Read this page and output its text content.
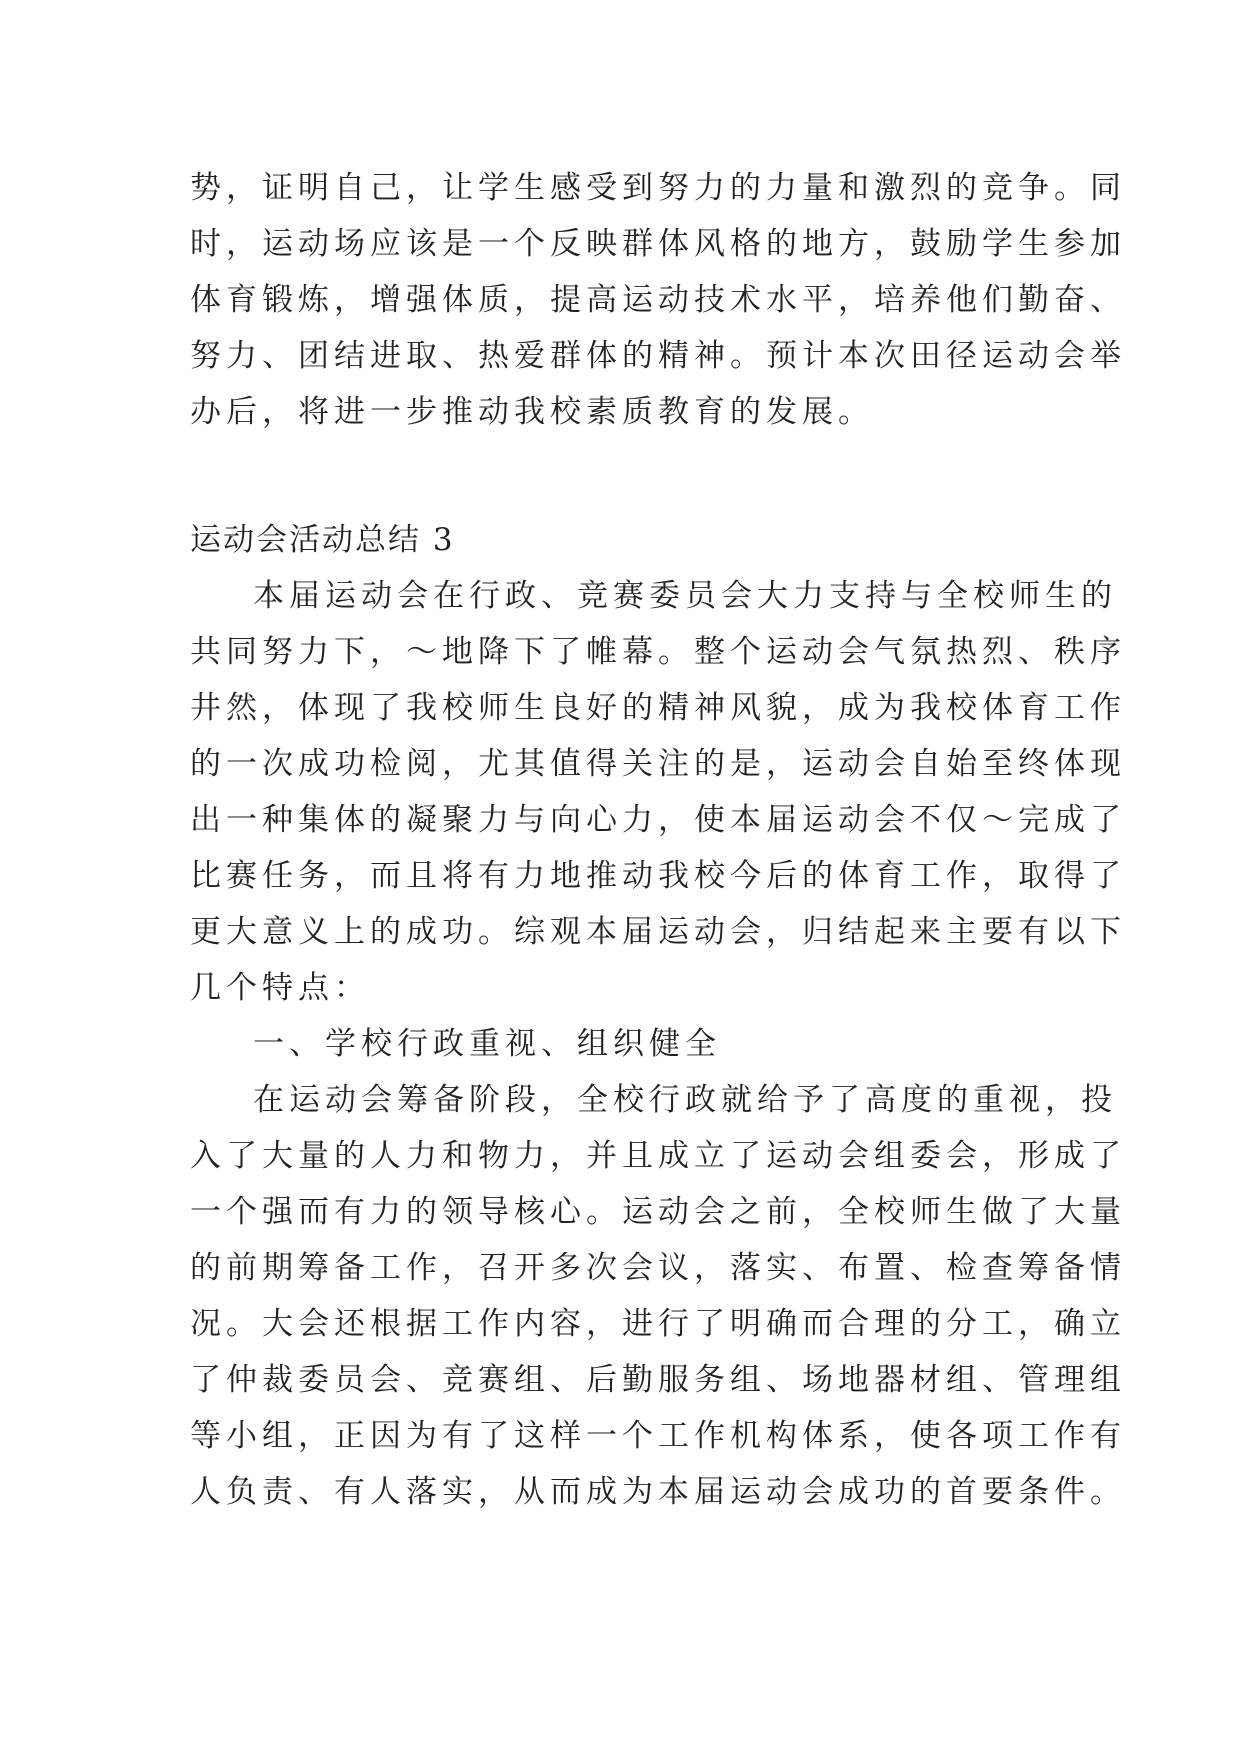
势，证明自己，让学生感受到努力的力量和激烈的竞争。同

时，运动场应该是一个反映群体风格的地方，鼓励学生参加

体育锻炼，增强体质，提高运动技术水平，培养他们勤奋、

努力、团结进取、热爱群体的精神。预计本次田径运动会举

办后，将进一步推动我校素质教育的发展。

运动会活动总结 3

本届运动会在行政、竞赛委员会大力支持与全校师生的

共同努力下，～地降下了帷幕。整个运动会气氛热烈、秩序

井然，体现了我校师生良好的精神风貌，成为我校体育工作

的一次成功检阅，尤其值得关注的是，运动会自始至终体现

出一种集体的凝聚力与向心力，使本届运动会不仅～完成了

比赛任务，而且将有力地推动我校今后的体育工作，取得了

更大意义上的成功。综观本届运动会，归结起来主要有以下

几个特点：

一、学校行政重视、组织健全

在运动会筹备阶段，全校行政就给予了高度的重视，投

入了大量的人力和物力，并且成立了运动会组委会，形成了

一个强而有力的领导核心。运动会之前，全校师生做了大量

的前期筹备工作，召开多次会议，落实、布置、检查筹备情

况。大会还根据工作内容，进行了明确而合理的分工，确立

了仲裁委员会、竞赛组、后勤服务组、场地器材组、管理组

等小组，正因为有了这样一个工作机构体系，使各项工作有

人负责、有人落实，从而成为本届运动会成功的首要条件。
